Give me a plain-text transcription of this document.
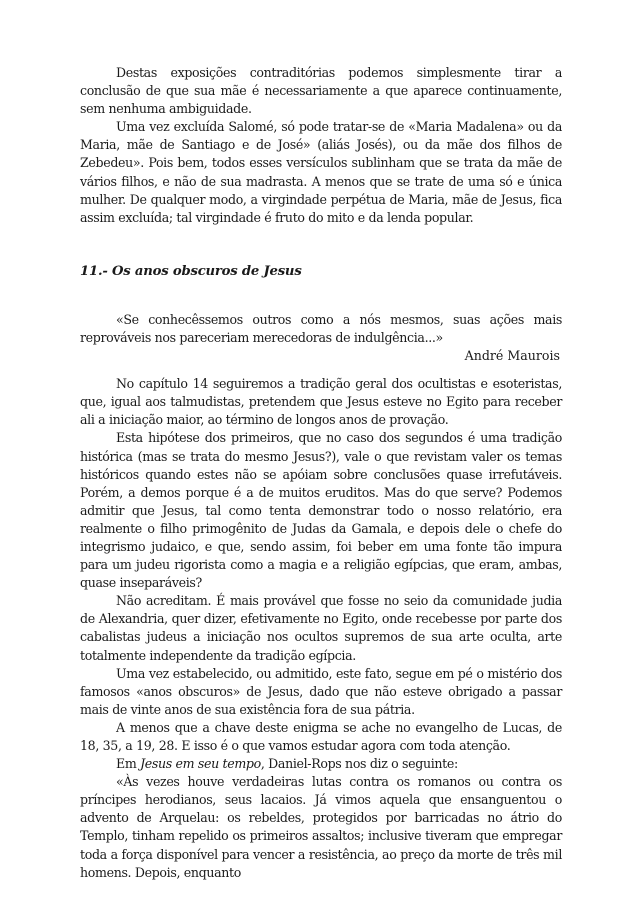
Destas exposições contraditórias podemos simplesmente tirar a conclusão de que sua mãe é necessariamente a que aparece continuamente, sem nenhuma ambiguidade.

Uma vez excluída Salomé, só pode tratar-se de «Maria Madalena» ou da Maria, mãe de Santiago e de José» (aliás Josés), ou da mãe dos filhos de Zebedeu». Pois bem, todos esses versículos sublinham que se trata da mãe de vários filhos, e não de sua madrasta. A menos que se trate de uma só e única mulher. De qualquer modo, a virgindade perpétua de Maria, mãe de Jesus, fica assim excluída; tal virgindade é fruto do mito e da lenda popular.

11.- Os anos obscuros de Jesus

«Se conhecêssemos outros como a nós mesmos, suas ações mais reprováveis nos pareceriam merecedoras de indulgência...»

André Maurois

No capítulo 14 seguiremos a tradição geral dos ocultistas e esoteristas, que, igual aos talmudistas, pretendem que Jesus esteve no Egito para receber ali a iniciação maior, ao término de longos anos de provação.

Esta hipótese dos primeiros, que no caso dos segundos é uma tradição histórica (mas se trata do mesmo Jesus?), vale o que revistam valer os temas históricos quando estes não se apóiam sobre conclusões quase irrefutáveis. Porém, a demos porque é a de muitos eruditos. Mas do que serve? Podemos admitir que Jesus, tal como tenta demonstrar todo o nosso relatório, era realmente o filho primogênito de Judas da Gamala, e depois dele o chefe do integrismo judaico, e que, sendo assim, foi beber em uma fonte tão impura para um judeu rigorista como a magia e a religião egípcias, que eram, ambas, quase inseparáveis?

Não acreditam. É mais provável que fosse no seio da comunidade judia de Alexandria, quer dizer, efetivamente no Egito, onde recebesse por parte dos cabalistas judeus a iniciação nos ocultos supremos de sua arte oculta, arte totalmente independente da tradição egípcia.

Uma vez estabelecido, ou admitido, este fato, segue em pé o mistério dos famosos «anos obscuros» de Jesus, dado que não esteve obrigado a passar mais de vinte anos de sua existência fora de sua pátria.

A menos que a chave deste enigma se ache no evangelho de Lucas, de 18, 35, a 19, 28. E isso é o que vamos estudar agora com toda atenção.

Em Jesus em seu tempo, Daniel-Rops nos diz o seguinte:

«Às vezes houve verdadeiras lutas contra os romanos ou contra os príncipes herodianos, seus lacaios. Já vimos aquela que ensanguentou o advento de Arquelau: os rebeldes, protegidos por barricadas no átrio do Templo, tinham repelido os primeiros assaltos; inclusive tiveram que empregar toda a força disponível para vencer a resistência, ao preço da morte de três mil homens. Depois, enquanto
